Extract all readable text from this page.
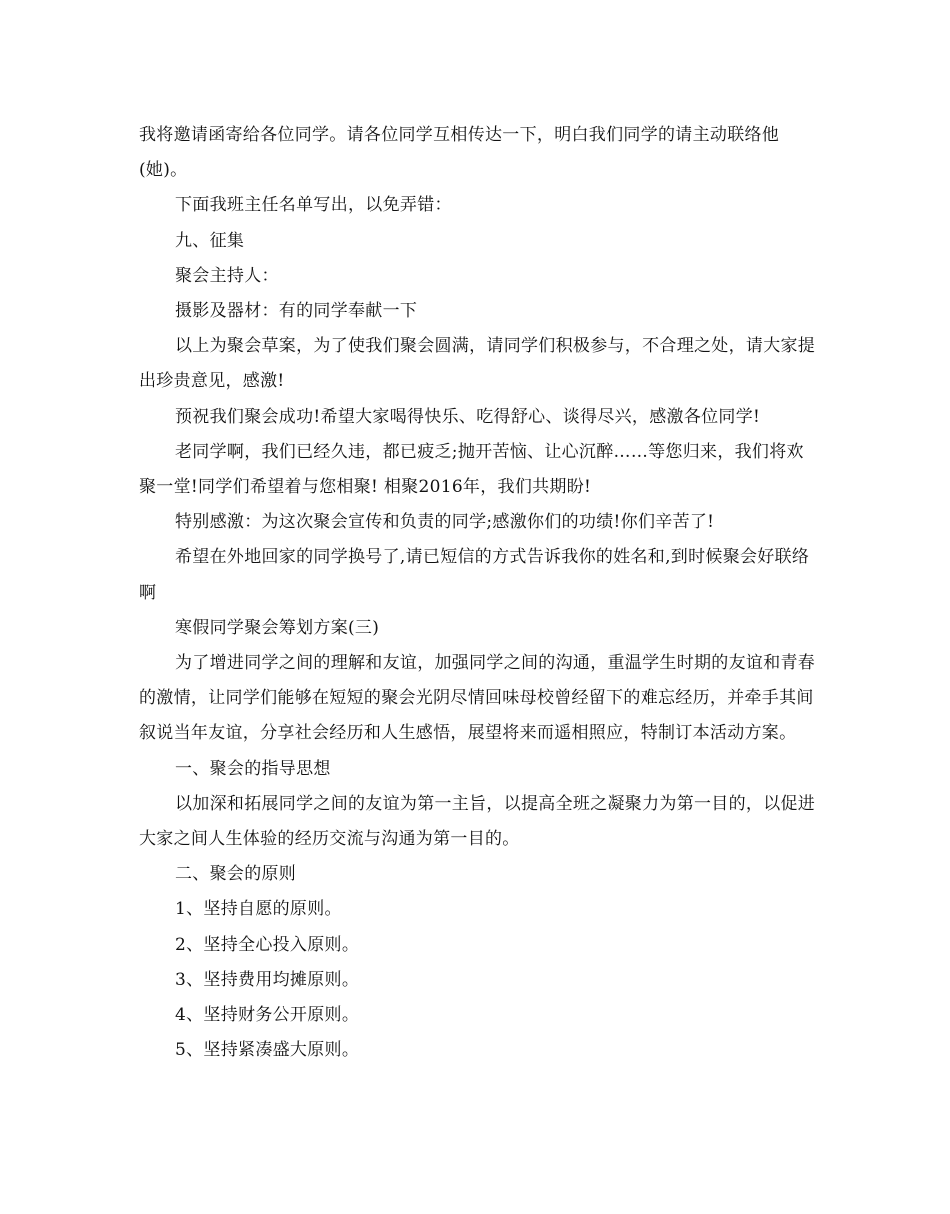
我将邀请函寄给各位同学。请各位同学互相传达一下，明白我们同学的请主动联络他(她)。

下面我班主任名单写出，以免弄错：

九、征集

聚会主持人：

摄影及器材：有的同学奉献一下

以上为聚会草案，为了使我们聚会圆满，请同学们积极参与，不合理之处，请大家提出珍贵意见，感激!

预祝我们聚会成功!希望大家喝得快乐、吃得舒心、谈得尽兴，感激各位同学!

老同学啊，我们已经久违，都已疲乏;抛开苦恼、让心沉醉……等您归来，我们将欢聚一堂!同学们希望着与您相聚! 相聚2016年，我们共期盼!

特别感激：为这次聚会宣传和负责的同学;感激你们的功绩!你们辛苦了!

希望在外地回家的同学换号了,请已短信的方式告诉我你的姓名和,到时候聚会好联络啊

寒假同学聚会筹划方案(三)

为了增进同学之间的理解和友谊，加强同学之间的沟通，重温学生时期的友谊和青春的激情，让同学们能够在短短的聚会光阴尽情回味母校曾经留下的难忘经历，并牵手其间叙说当年友谊，分享社会经历和人生感悟，展望将来而遥相照应，特制订本活动方案。

一、聚会的指导思想

以加深和拓展同学之间的友谊为第一主旨，以提高全班之凝聚力为第一目的，以促进大家之间人生体验的经历交流与沟通为第一目的。

二、聚会的原则

1、坚持自愿的原则。

2、坚持全心投入原则。

3、坚持费用均摊原则。

4、坚持财务公开原则。

5、坚持紧凑盛大原则。
